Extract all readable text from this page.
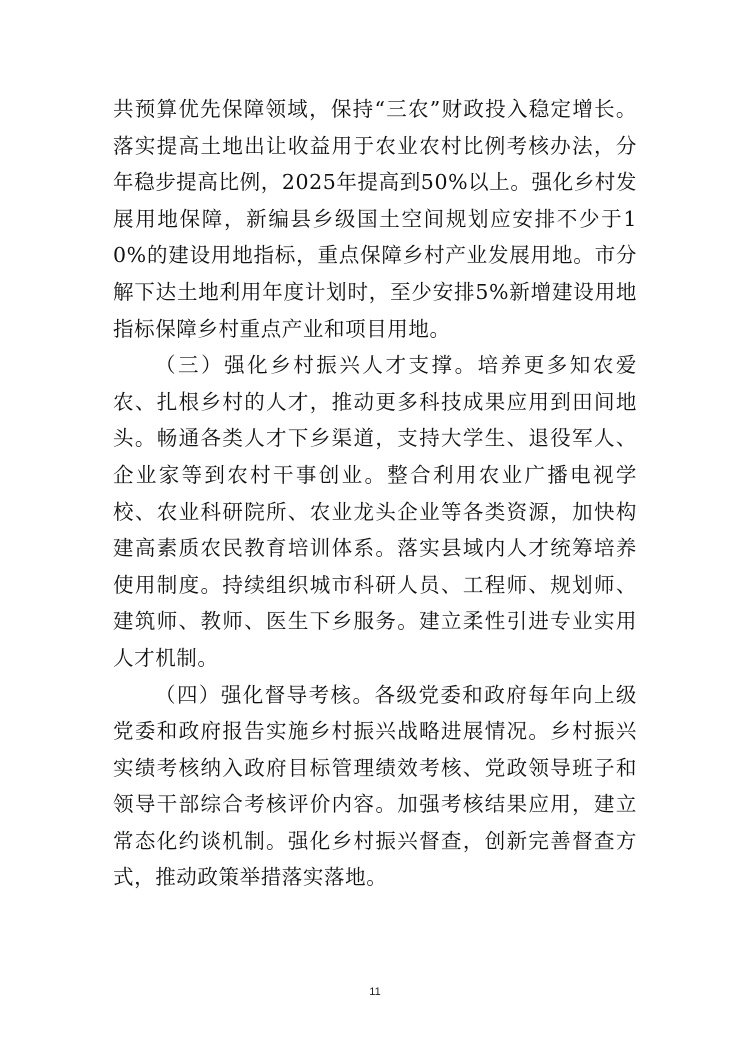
共预算优先保障领域，保持“三农”财政投入稳定增长。落实提高土地出让收益用于农业农村比例考核办法，分年稳步提高比例，2025年提高到50%以上。强化乡村发展用地保障，新编县乡级国土空间规划应安排不少于10%的建设用地指标，重点保障乡村产业发展用地。市分解下达土地利用年度计划时，至少安排5%新增建设用地指标保障乡村重点产业和项目用地。

（三）强化乡村振兴人才支撑。培养更多知农爱农、扎根乡村的人才，推动更多科技成果应用到田间地头。畅通各类人才下乡渠道，支持大学生、退役军人、企业家等到农村干事创业。整合利用农业广播电视学校、农业科研院所、农业龙头企业等各类资源，加快构建高素质农民教育培训体系。落实县域内人才统筹培养使用制度。持续组织城市科研人员、工程师、规划师、建筑师、教师、医生下乡服务。建立柔性引进专业实用人才机制。

（四）强化督导考核。各级党委和政府每年向上级党委和政府报告实施乡村振兴战略进展情况。乡村振兴实绩考核纳入政府目标管理绩效考核、党政领导班子和领导干部综合考核评价内容。加强考核结果应用，建立常态化约谈机制。强化乡村振兴督查，创新完善督查方式，推动政策举措落实落地。

11
